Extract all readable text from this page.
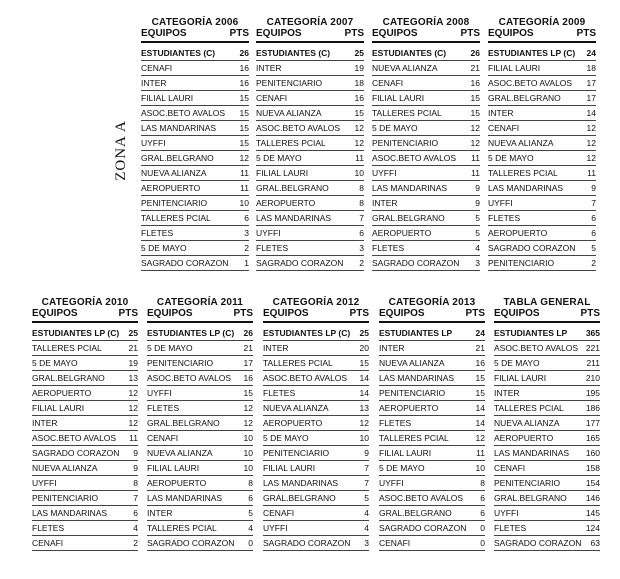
ZONA A
CATEGORÍA 2006
EQUIPOS	PTS
ESTUDIANTES (C)	26
CENAFI	16
INTER	16
FILIAL LAURI	15
ASOC.BETO AVALOS	15
LAS MANDARINAS	15
UYFFI	15
GRAL.BELGRANO	12
NUEVA ALIANZA	11
AEROPUERTO	11
PENITENCIARIO	10
TALLERES PCIAL	6
FLETES	3
5 DE MAYO	2
SAGRADO CORAZON	1
CATEGORÍA 2007
EQUIPOS	PTS
ESTUDIANTES (C)	25
INTER	19
PENITENCIARIO	18
CENAFI	16
NUEVA ALIANZA	15
ASOC.BETO AVALOS	12
TALLERES PCIAL	12
5 DE MAYO	11
FILIAL LAURI	10
GRAL.BELGRANO	8
AEROPUERTO	8
LAS MANDARINAS	7
UYFFI	6
FLETES	3
SAGRADO CORAZON	2
CATEGORÍA 2008
EQUIPOS	PTS
ESTUDIANTES (C)	26
NUEVA ALIANZA	21
CENAFI	16
FILIAL LAURI	15
TALLERES PCIAL	15
5 DE MAYO	12
PENITENCIARIO	12
ASOC.BETO AVALOS	11
UYFFI	11
LAS MANDARINAS	9
INTER	9
GRAL.BELGRANO	5
AEROPUERTO	5
FLETES	4
SAGRADO CORAZON	3
CATEGORÍA 2009
EQUIPOS	PTS
ESTUDIANTES LP (C)	24
FILIAL LAURI	18
ASOC.BETO AVALOS	17
GRAL.BELGRANO	17
INTER	14
CENAFI	12
NUEVA ALIANZA	12
5 DE MAYO	12
TALLERES PCIAL	11
LAS MANDARINAS	9
UYFFI	7
FLETES	6
AEROPUERTO	6
SAGRADO CORAZON	5
PENITENCIARIO	2
CATEGORÍA 2010
EQUIPOS	PTS
ESTUDIANTES LP (C)	25
TALLERES PCIAL	21
5 DE MAYO	19
GRAL.BELGRANO	13
AEROPUERTO	12
FILIAL LAURI	12
INTER	12
ASOC.BETO AVALOS	11
SAGRADO CORAZON	9
NUEVA ALIANZA	9
UYFFI	8
PENITENCIARIO	7
LAS MANDARINAS	6
FLETES	4
CENAFI	2
CATEGORÍA 2011
EQUIPOS	PTS
ESTUDIANTES LP (C)	26
5 DE MAYO	21
PENITENCIARIO	17
ASOC.BETO AVALOS	16
UYFFI	15
FLETES	12
GRAL.BELGRANO	12
CENAFI	10
NUEVA ALIANZA	10
FILIAL LAURI	10
AEROPUERTO	8
LAS MANDARINAS	6
INTER	5
TALLERES PCIAL	4
SAGRADO CORAZON	0
CATEGORÍA 2012
EQUIPOS	PTS
ESTUDIANTES LP (C)	25
INTER	20
TALLERES PCIAL	15
ASOC.BETO AVALOS	14
FLETES	14
NUEVA ALIANZA	13
AEROPUERTO	12
5 DE MAYO	10
PENITENCIARIO	9
FILIAL LAURI	7
LAS MANDARINAS	7
GRAL.BELGRANO	5
CENAFI	4
UYFFI	4
SAGRADO CORAZON	3
CATEGORÍA 2013
EQUIPOS	PTS
ESTUDIANTES LP	24
INTER	21
NUEVA ALIANZA	16
LAS MANDARINAS	15
PENITENCIARIO	15
AEROPUERTO	14
FLETES	14
TALLERES PCIAL	12
FILIAL LAURI	11
5 DE MAYO	10
UYFFI	8
ASOC.BETO AVALOS	6
GRAL.BELGRANO	6
SAGRADO CORAZON	0
CENAFI	0
TABLA GENERAL
EQUIPOS	PTS
ESTUDIANTES LP	365
ASOC.BETO AVALOS 221
5 DE MAYO	211
FILIAL LAURI	210
INTER	195
TALLERES PCIAL	186
NUEVA ALIANZA	177
AEROPUERTO	165
LAS MANDARINAS	160
CENAFI	158
PENITENCIARIO	154
GRAL.BELGRANO	146
UYFFI	145
FLETES	124
SAGRADO CORAZON	63
